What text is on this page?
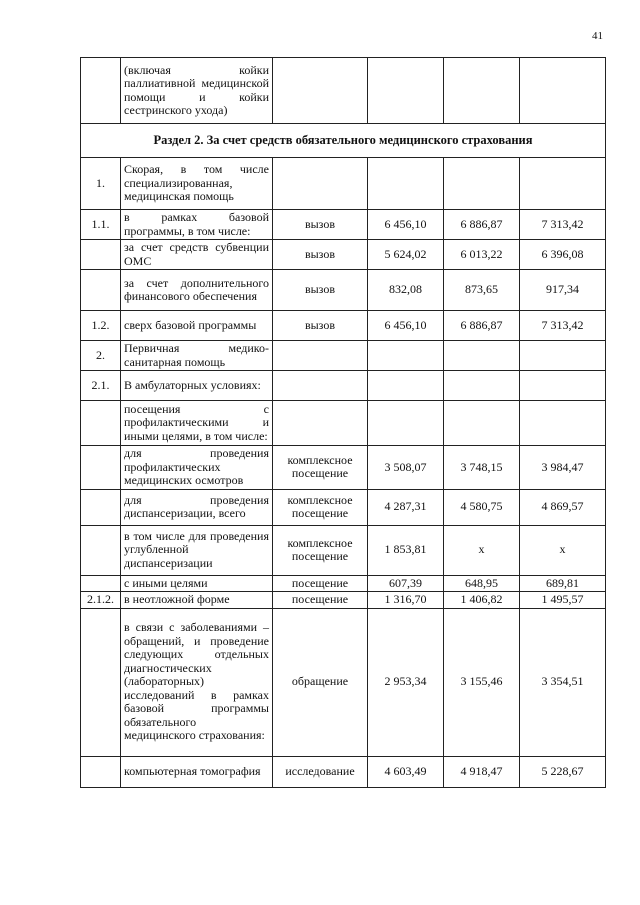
41
	(включая койки паллиативной медицинской помощи и койки сестринского ухода)				
Раздел 2. За счет средств обязательного медицинского страхования					
1.	Скорая, в том числе специализированная, медицинская помощь				
1.1.	в рамках базовой программы, в том числе:	вызов	6 456,10	6 886,87	7 313,42
	за счет средств субвенции ОМС	вызов	5 624,02	6 013,22	6 396,08
	за счет дополнительного финансового обеспечения	вызов	832,08	873,65	917,34
1.2.	сверх базовой программы	вызов	6 456,10	6 886,87	7 313,42
2.	Первичная медико-санитарная помощь				
2.1.	В амбулаторных условиях:				
	посещения с профилактическими и иными целями, в том числе:				
	для проведения профилактических медицинских осмотров	комплексное посещение	3 508,07	3 748,15	3 984,47
	для проведения диспансеризации, всего	комплексное посещение	4 287,31	4 580,75	4 869,57
	в том числе для проведения углубленной диспансеризации	комплексное посещение	1 853,81	х	х
	с иными целями	посещение	607,39	648,95	689,81
2.1.2.	в неотложной форме	посещение	1 316,70	1 406,82	1 495,57
	в связи с заболеваниями – обращений, и проведение следующих отдельных диагностических (лабораторных) исследований в рамках базовой программы обязательного медицинского страхования:	обращение	2 953,34	3 155,46	3 354,51
	компьютерная томография	исследование	4 603,49	4 918,47	5 228,67
